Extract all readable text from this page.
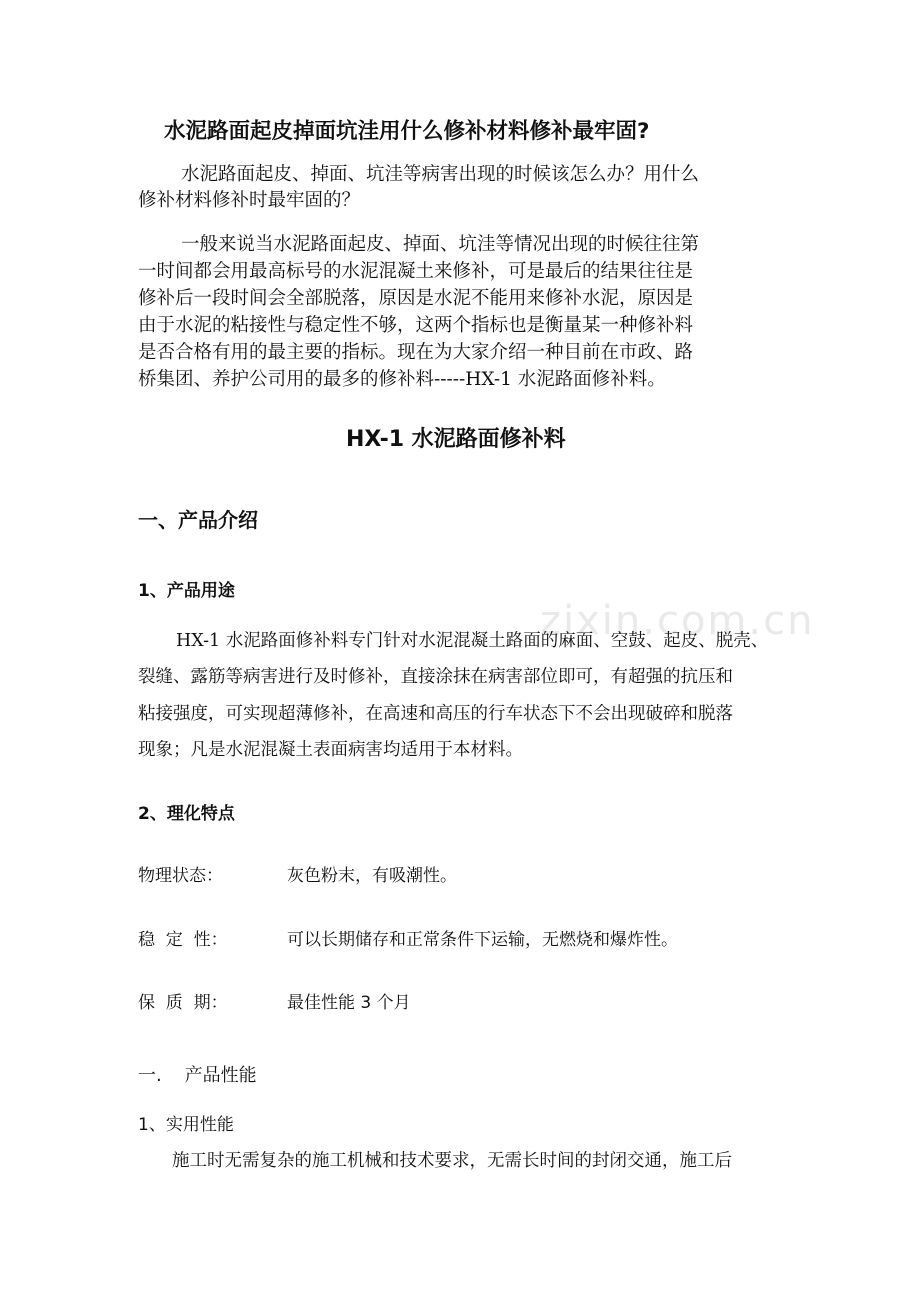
zixin.com.cn
水泥路面起皮掉面坑洼用什么修补材料修补最牢固?
水泥路面起皮、掉面、坑洼等病害出现的时候该怎么办？用什么
修补材料修补时最牢固的？
一般来说当水泥路面起皮、掉面、坑洼等情况出现的时候往往第
一时间都会用最高标号的水泥混凝土来修补，可是最后的结果往往是
修补后一段时间会全部脱落，原因是水泥不能用来修补水泥，原因是
由于水泥的粘接性与稳定性不够，这两个指标也是衡量某一种修补料
是否合格有用的最主要的指标。现在为大家介绍一种目前在市政、路
桥集团、养护公司用的最多的修补料-----HX-1 水泥路面修补料。
HX-1 水泥路面修补料
一、产品介绍
1、产品用途
HX-1 水泥路面修补料专门针对水泥混凝土路面的麻面、空鼓、起皮、脱壳、
裂缝、露筋等病害进行及时修补，直接涂抹在病害部位即可，有超强的抗压和
粘接强度，可实现超薄修补，在高速和高压的行车状态下不会出现破碎和脱落
现象；凡是水泥混凝土表面病害均适用于本材料。
2、理化特点
物理状态：	灰色粉末，有吸潮性。
稳  定  性：	可以长期储存和正常条件下运输，无燃烧和爆炸性。
保  质  期：	最佳性能 3 个月
一.    产品性能
1、实用性能
施工时无需复杂的施工机械和技术要求，无需长时间的封闭交通，施工后
